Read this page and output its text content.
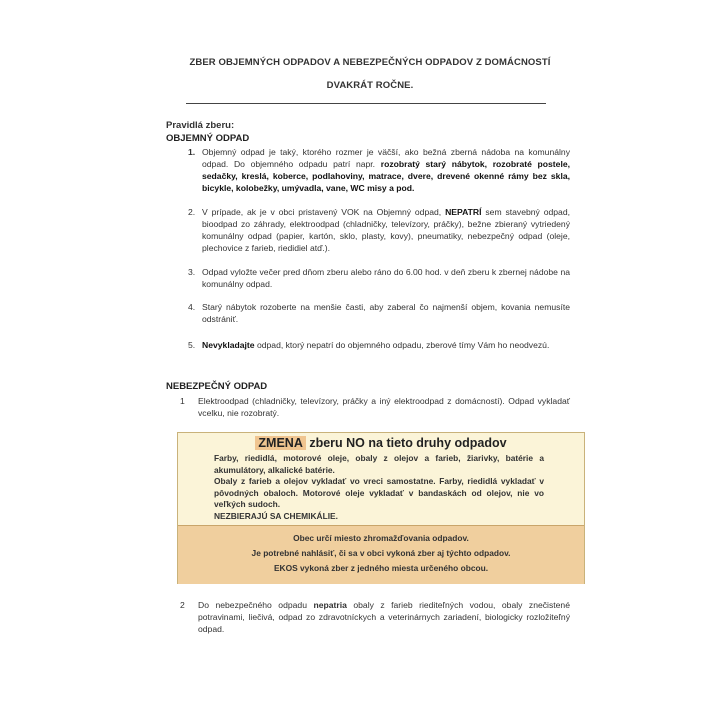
ZBER OBJEMNÝCH ODPADOV A NEBEZPEČNÝCH ODPADOV Z DOMÁCNOSTÍ
DVAKRÁT ROČNE.
Pravidlá zberu:
OBJEMNÝ ODPAD
1. Objemný odpad je taký, ktorého rozmer je väčší, ako bežná zberná nádoba na komunálny odpad. Do objemného odpadu patrí napr. rozobratý starý nábytok, rozobraté postele, sedačky, kreslá, koberce, podlahoviny, matrace, dvere, drevené okenné rámy bez skla, bicykle, kolobežky, umývadla, vane, WC misy a pod.
2. V prípade, ak je v obci pristavený VOK na Objemný odpad, NEPATRÍ sem stavebný odpad, bioodpad zo záhrady, elektroodpad (chladničky, televízory, práčky), bežne zbieraný vytriedený komunálny odpad (papier, kartón, sklo, plasty, kovy), pneumatiky, nebezpečný odpad (oleje, plechovice z farieb, riedidiel atď.).
3. Odpad vyložte večer pred dňom zberu alebo ráno do 6.00 hod. v deň zberu k zbernej nádobe na komunálny odpad.
4. Starý nábytok rozoberte na menšie časti, aby zaberal čo najmenší objem, kovania nemusíte odstrániť.
5. Nevykladajte odpad, ktorý nepatrí do objemného odpadu, zberové tímy Vám ho neodvezú.
NEBEZPEČNÝ ODPAD
1 Elektroodpad (chladničky, televízory, práčky a iný elektroodpad z domácností). Odpad vykladať vcelku, nie rozobratý.
ZMENA zberu NO na tieto druhy odpadov

Farby, riedidlá, motorové oleje, obaly z olejov a farieb, žiarivky, batérie a akumulátory, alkalické batérie.

Obaly z farieb a olejov vykladať vo vreci samostatne. Farby, riedidlá vykladať v pôvodných obaloch. Motorové oleje vykladať v bandaskách od olejov, nie vo veľkých sudoch.

NEZBIERAJÚ SA CHEMIKÁLIE.

Obec určí miesto zhromažďovania odpadov.
Je potrebné nahlásiť, či sa v obci vykoná zber aj týchto odpadov.
EKOS vykoná zber z jedného miesta určeného obcou.
2 Do nebezpečného odpadu nepatria obaly z farieb riediteľných vodou, obaly znečistené potravinami, liečivá, odpad zo zdravotníckych a veterinárnych zariadení, biologicky rozložiteľný odpad.
